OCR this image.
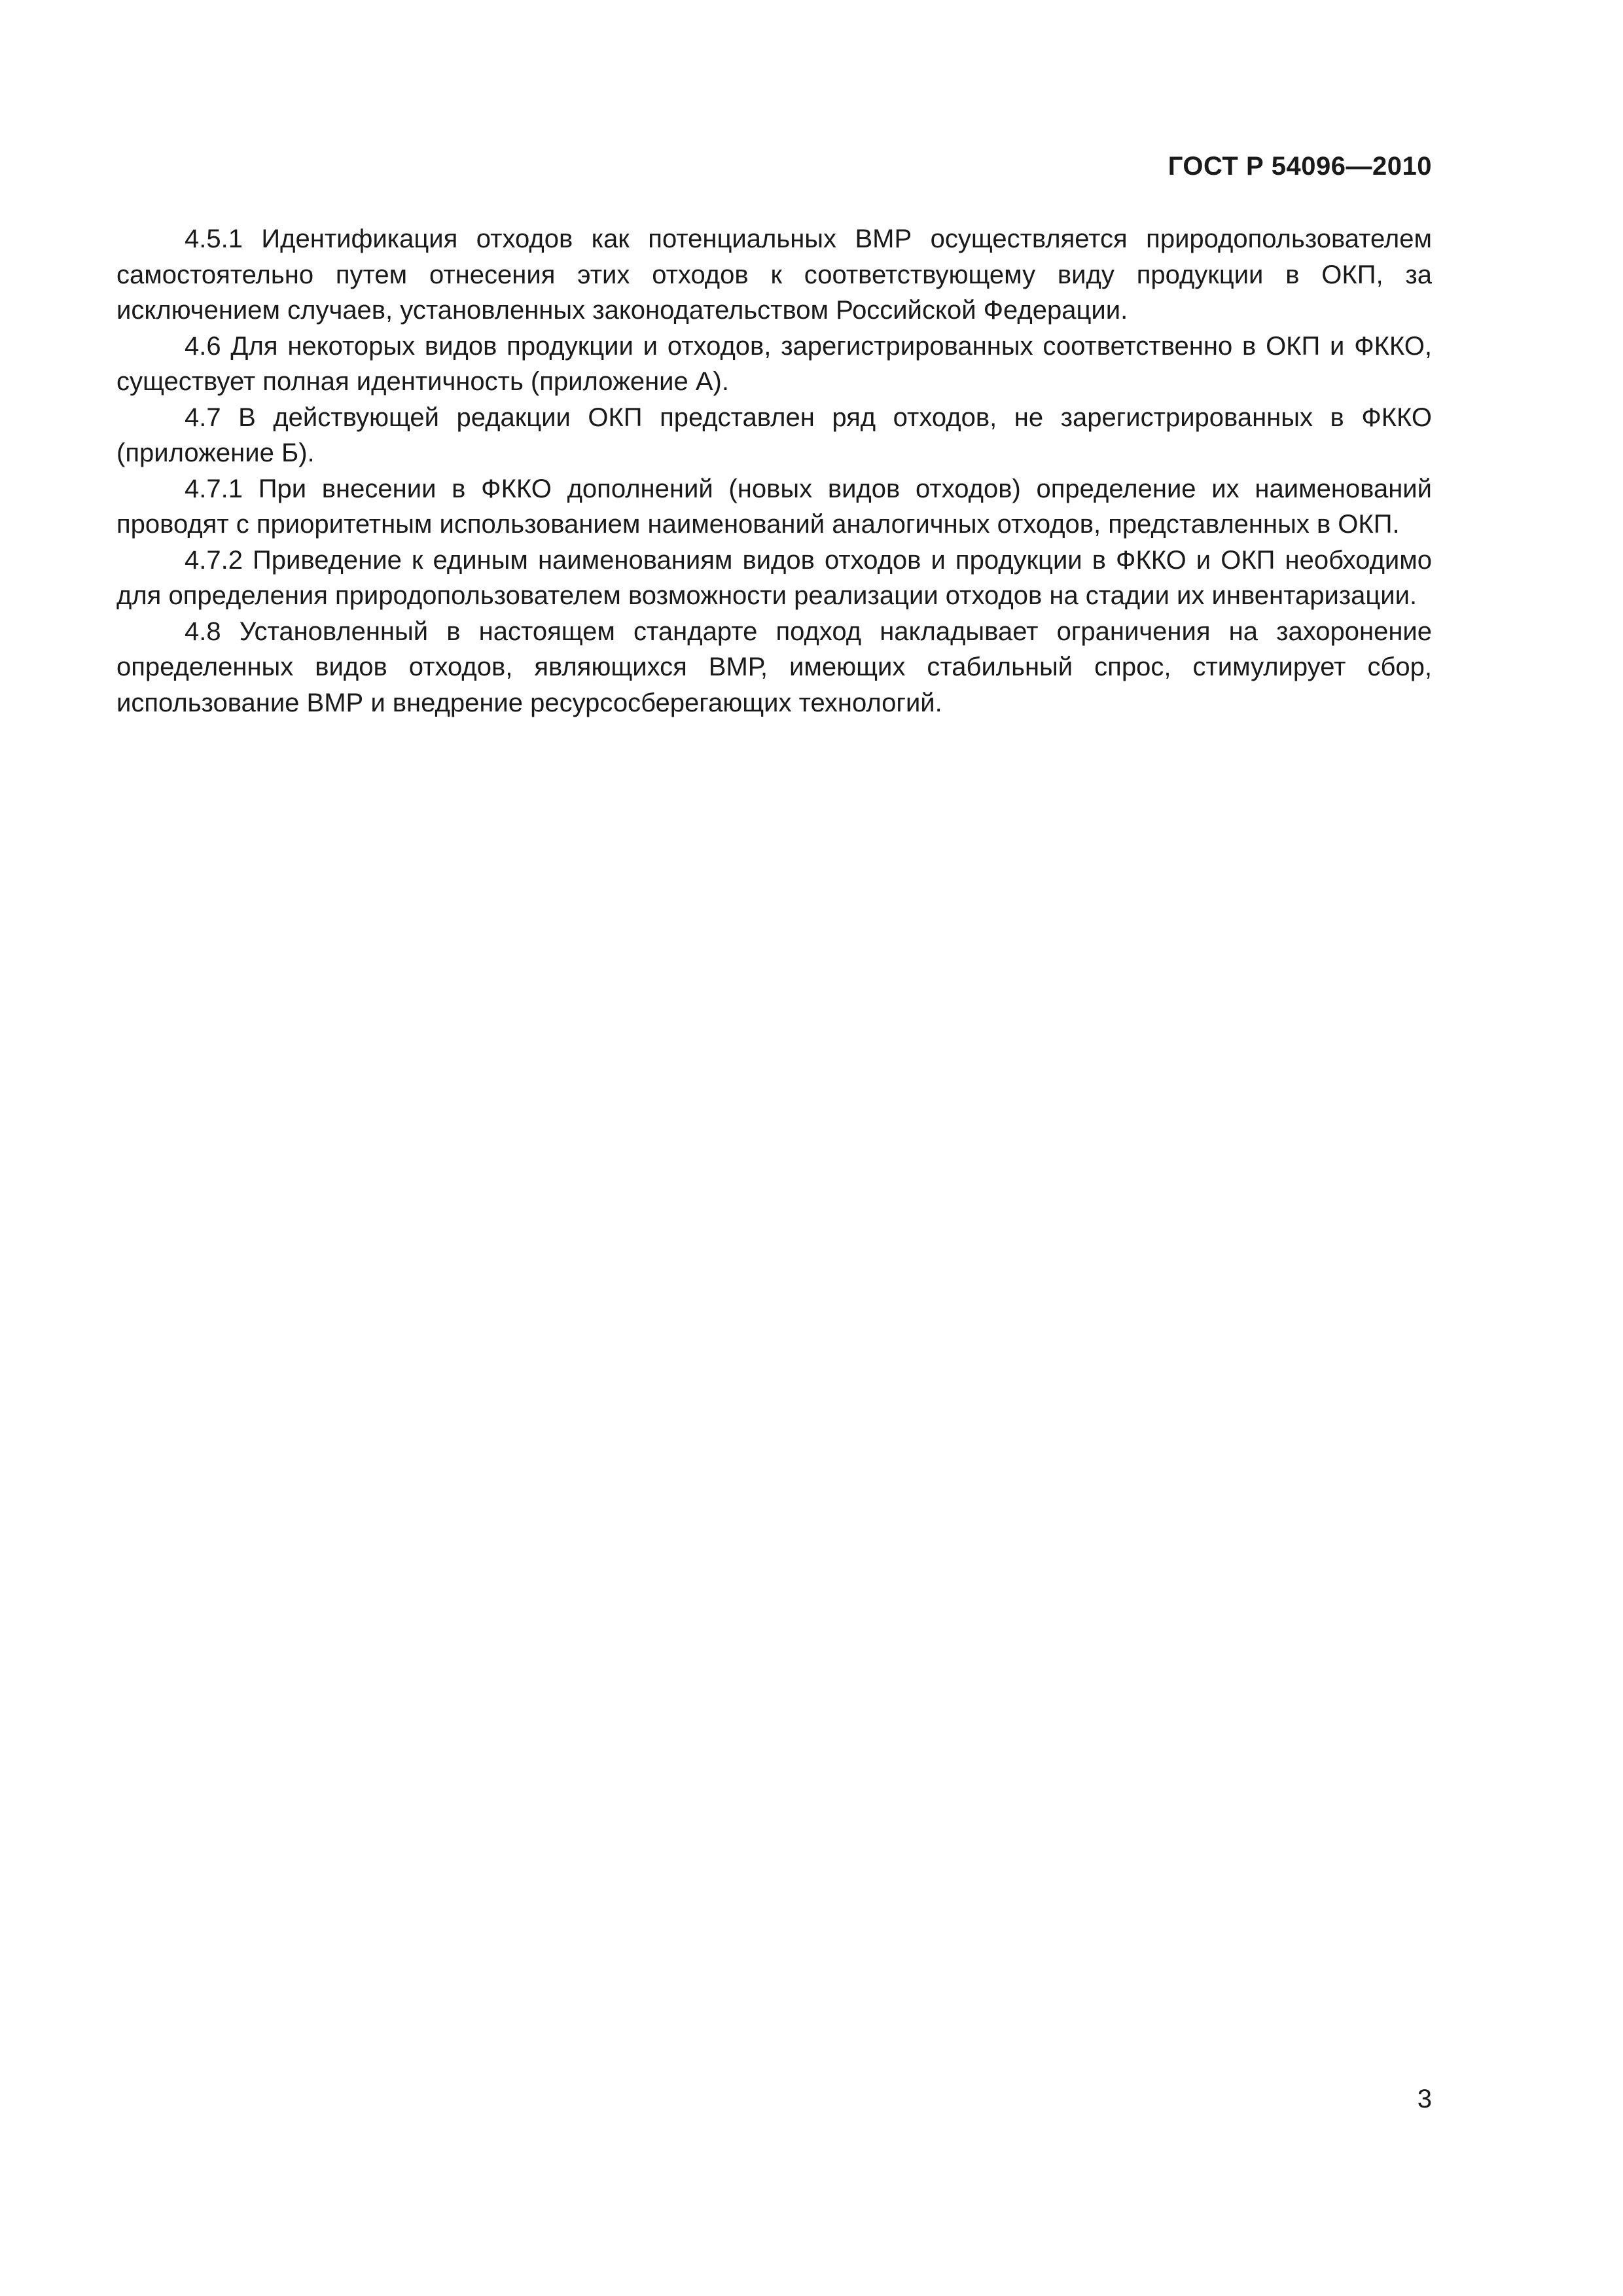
ГОСТ Р 54096—2010

4.5.1 Идентификация отходов как потенциальных ВМР осуществляется природопользователем самостоятельно путем отнесения этих отходов к соответствующему виду продукции в ОКП, за исключением случаев, установленных законодательством Российской Федерации.

4.6 Для некоторых видов продукции и отходов, зарегистрированных соответственно в ОКП и ФККО, существует полная идентичность (приложение А).

4.7 В действующей редакции ОКП представлен ряд отходов, не зарегистрированных в ФККО (приложение Б).

4.7.1 При внесении в ФККО дополнений (новых видов отходов) определение их наименований проводят с приоритетным использованием наименований аналогичных отходов, представленных в ОКП.

4.7.2 Приведение к единым наименованиям видов отходов и продукции в ФККО и ОКП необходимо для определения природопользователем возможности реализации отходов на стадии их инвентаризации.

4.8 Установленный в настоящем стандарте подход накладывает ограничения на захоронение определенных видов отходов, являющихся ВМР, имеющих стабильный спрос, стимулирует сбор, использование ВМР и внедрение ресурсосберегающих технологий.

3
